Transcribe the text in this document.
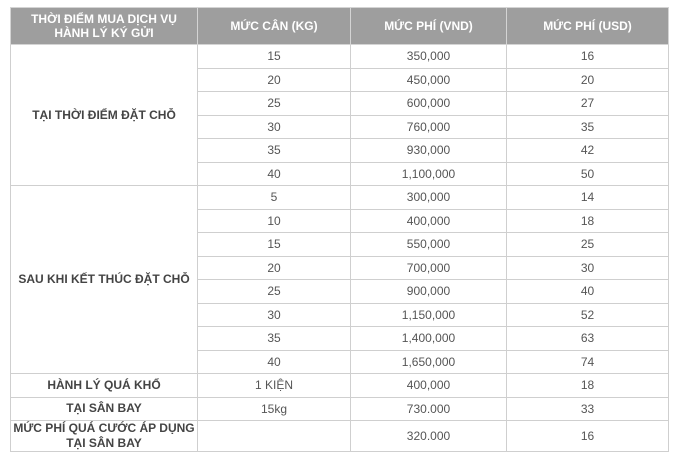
THỜI ĐIỂM MUA DỊCH VỤ HÀNH LÝ KÝ GỬI	MỨC CÂN (KG)	MỨC PHÍ (VND)	MỨC PHÍ (USD)
TẠI THỜI ĐIỂM ĐẶT CHỖ	15	350,000	16
	20	450,000	20
	25	600,000	27
	30	760,000	35
	35	930,000	42
	40	1,100,000	50
SAU KHI KẾT THÚC ĐẶT CHỖ	5	300,000	14
	10	400,000	18
	15	550,000	25
	20	700,000	30
	25	900,000	40
	30	1,150,000	52
	35	1,400,000	63
	40	1,650,000	74
HÀNH LÝ QUÁ KHỔ	1 KIỆN	400,000	18
TẠI SÂN BAY	15kg	730.000	33
MỨC PHÍ QUÁ CƯỚC ÁP DỤNG TẠI SÂN BAY		320.000	16
